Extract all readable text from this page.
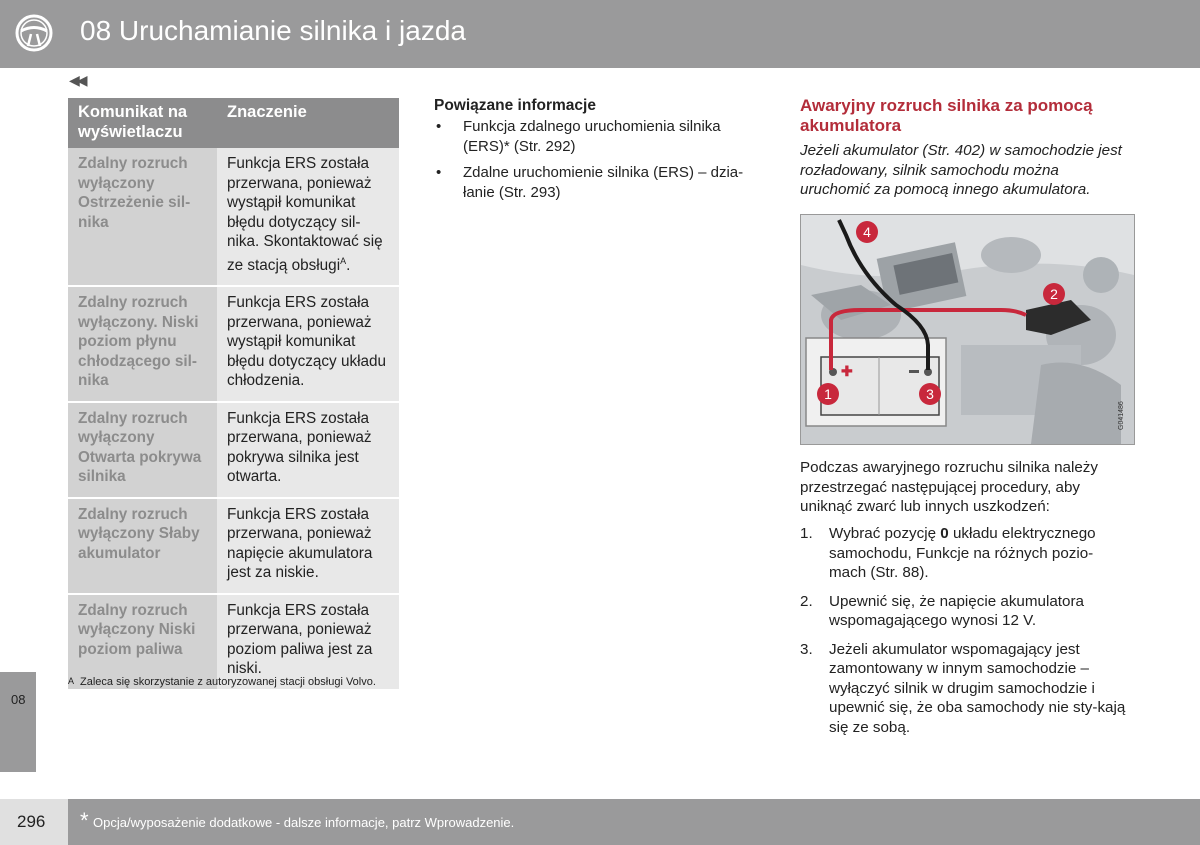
08 Uruchamianie silnika i jazda
◀◀
Komunikat na wyświetlaczu	Znaczenie
Zdalny rozruch wyłączony Ostrzeżenie sil-nika	Funkcja ERS została przerwana, ponieważ wystąpił komunikat błędu dotyczący sil-nika. Skontaktować się ze stacją obsługi$^A$.
Zdalny rozruch wyłączony. Niski poziom płynu chłodzącego sil-nika	Funkcja ERS została przerwana, ponieważ wystąpił komunikat błędu dotyczący układu chłodzenia.
Zdalny rozruch wyłączony Otwarta pokrywa silnika	Funkcja ERS została przerwana, ponieważ pokrywa silnika jest otwarta.
Zdalny rozruch wyłączony Słaby akumulator	Funkcja ERS została przerwana, ponieważ napięcie akumulatora jest za niskie.
Zdalny rozruch wyłączony Niski poziom paliwa	Funkcja ERS została przerwana, ponieważ poziom paliwa jest za niski.
A Zaleca się skorzystanie z autoryzowanej stacji obsługi Volvo.
Powiązane informacje
• Funkcja zdalnego uruchomienia silnika (ERS)* (Str. 292)
• Zdalne uruchomienie silnika (ERS) – dzia-łanie (Str. 293)
Awaryjny rozruch silnika za pomocą akumulatora
Jeżeli akumulator (Str. 402) w samochodzie jest rozładowany, silnik samochodu można uruchomić za pomocą innego akumulatora.
✚
1
2
3
4
G041486
Podczas awaryjnego rozruchu silnika należy przestrzegać następującej procedury, aby uniknąć zwarć lub innych uszkodzeń:
1. Wybrać pozycję 0 układu elektrycznego samochodu, Funkcje na różnych pozio-mach (Str. 88).
2. Upewnić się, że napięcie akumulatora wspomagającego wynosi 12 V.
3. Jeżeli akumulator wspomagający jest zamontowany w innym samochodzie – wyłączyć silnik w drugim samochodzie i upewnić się, że oba samochody nie sty-kają się ze sobą.
08
296 * Opcja/wyposażenie dodatkowe - dalsze informacje, patrz Wprowadzenie.
